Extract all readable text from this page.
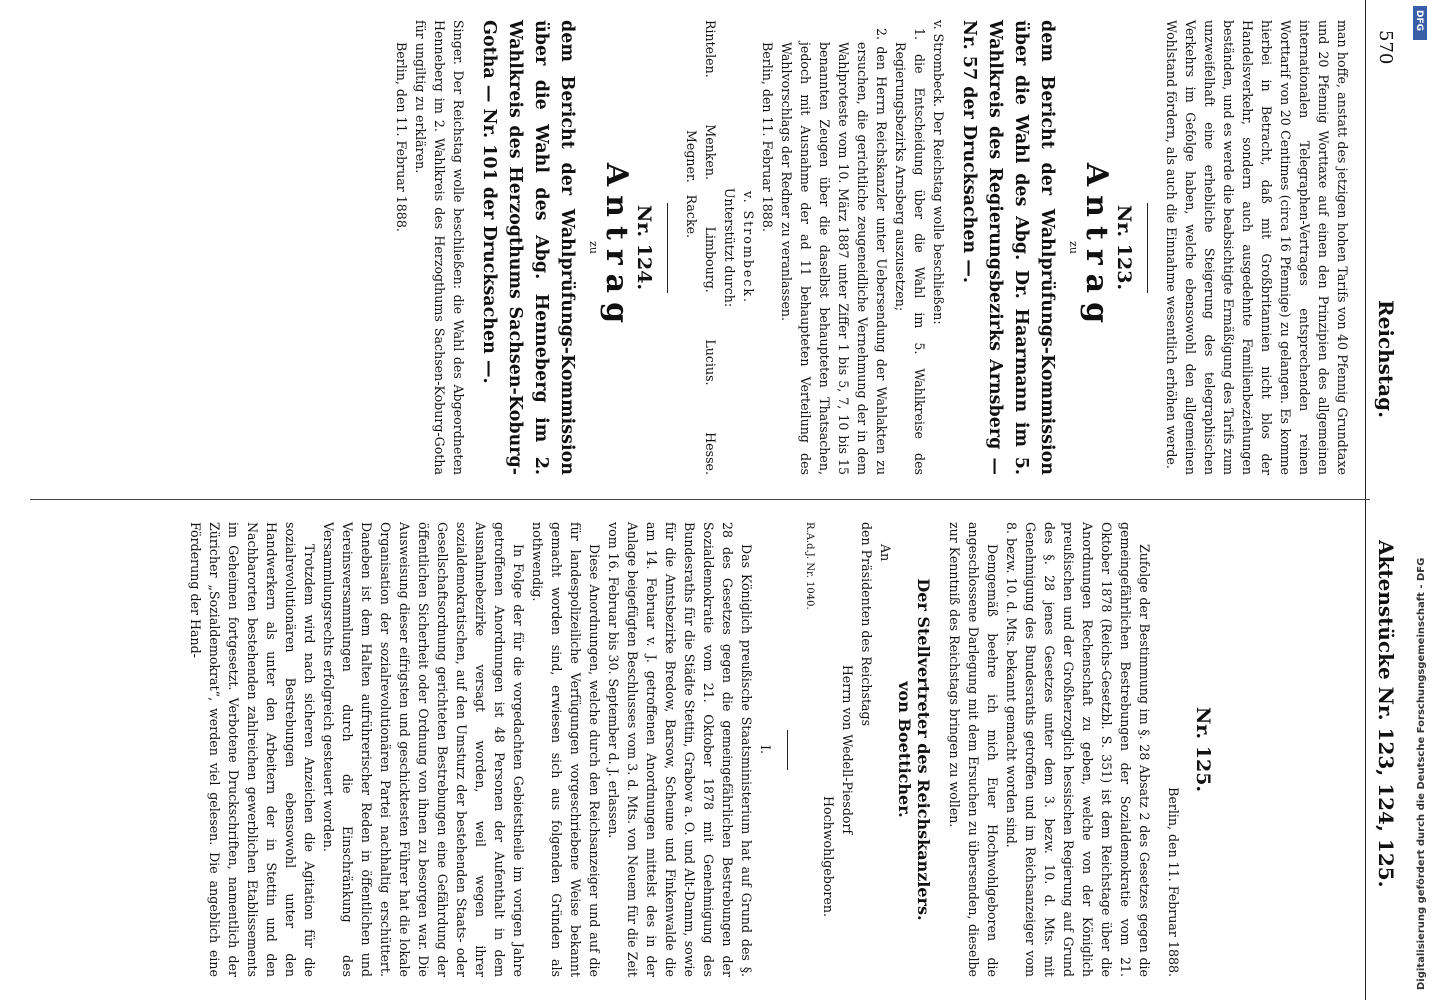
570
Reichstag.
Aktenstücke Nr. 123, 124, 125.

man hoffe, anstatt des jetzigen hohen Tarifs von 40 Pfennig Grundtaxe und 20 Pfennig Worttaxe auf einen den Prinzipien des allgemeinen internationalen Telegraphen-Vertrages entsprechenden reinen Worttarif von 20 Centimes (circa 16 Pfennige) zu gelangen. Es komme hierbei in Betracht, daß mit Großbritannien nicht blos der Handelsverkehr, sondern auch ausgedehnte Familienbeziehungen beständen, und es werde die beabsichtigte Ermäßigung des Tarifs zum unzweifelhaft eine erhebliche Steigerung des telegraphischen Verkehrs im Gefolge haben, welche ebensowohl den allgemeinen Wohlstand fördern, als auch die Einnahme wesentlich erhöhen werde.

Nr. 123.
Antrag
zu

dem Bericht der Wahlprüfungs-Kommission über die Wahl des Abg. Dr. Haarmann im 5. Wahlkreis des Regierungsbezirks Arnsberg — Nr. 57 der Drucksachen —.

v. Strombeck. Der Reichstag wolle beschließen:

1. die Entscheidung über die Wahl im 5. Wahlkreise des Regierungsbezirks Arnsberg auszusetzen;

2. den Herrn Reichskanzler unter Uebersendung der Wahlakten zu ersuchen, die gerichtliche zeugeneidliche Vernehmung der in dem Wahlproteste vom 10. März 1887 unter Ziffer 1 bis 5, 7, 10 bis 15 benannten Zeugen über die daselbst behaupteten Thatsachen, jedoch mit Ausnahme der ad 11 behaupteten Verteilung des Wahlvorschlags der Redner zu veranlassen.

Berlin, den 11. Februar 1888.

v. Strombeck.

Unterstützt durch:

Rintelen.
Menken.
Limbourg.
Lucius.
Hesse.
Megner.   Racke.
Nr. 124.
Antrag
zu

dem Bericht der Wahlprüfungs-Kommission über die Wahl des Abg. Henneberg im 2. Wahlkreis des Herzogthums Sachsen-Koburg-Gotha — Nr. 101 der Drucksachen —.

Singer. Der Reichstag wolle beschließen: die Wahl des Abgeordneten Henneberg im 2. Wahlkreis des Herzogthums Sachsen-Koburg-Gotha für ungiltig zu erklären.

Berlin, den 11. Februar 1888.

Nr. 125.

Berlin, den 11. Februar 1888.

Zufolge der Bestimmung im §. 28 Absatz 2 des Gesetzes gegen die gemeingefährlichen Bestrebungen der Sozialdemokratie vom 21. Oktober 1878 (Reichs-Gesetzbl. S. 351) ist dem Reichstage über die Anordnungen Rechenschaft zu geben, welche von der Königlich preußischen und der Großherzoglich hessischen Regierung auf Grund des §. 28 jenes Gesetzes unter dem 3. bezw. 10. d. Mts. mit Genehmigung des Bundesraths getroffen und im Reichsanzeiger vom 8. bezw. 10. d. Mts. bekannt gemacht worden sind.

Demgemäß beehre ich mich Euer Hochwohlgeboren die angeschlossene Darlegung mit dem Ersuchen zu übersenden, dieselbe zur Kenntniß des Reichstags bringen zu wollen.

Der Stellvertreter des Reichskanzlers.

von Boetticher.

An

den Präsidenten des Reichstags

Herrn von Wedell-Piesdorf

Hochwohlgeboren.

R.A.d.J. Nr. 1040.

I.

Das Königlich preußische Staatsministerium hat auf Grund des §. 28 des Gesetzes gegen die gemeingefährlichen Bestrebungen der Sozialdemokratie vom 21. Oktober 1878 mit Genehmigung des Bundesraths für die Städte Stettin, Grabow a. O. und Alt-Damm, sowie für die Amtsbezirke Bredow, Barsow, Scheune und Finkenwalde die am 14. Februar v. J. getroffenen Anordnungen mittelst des in der Anlage beigefügten Beschlusses vom 3. d. Mts. von Neuem für die Zeit vom 16. Februar bis 30. September d. J. erlassen.

Diese Anordnungen, welche durch den Reichsanzeiger und auf die für landespolizeiliche Verfügungen vorgeschriebene Weise bekannt gemacht worden sind, erwiesen sich aus folgenden Gründen als nothwendig.

In Folge der für die vorgedachten Gebietstheile im vorigen Jahre getroffenen Anordnungen ist 48 Personen der Aufenthalt in dem Ausnahmebezirke versagt worden, weil wegen ihrer sozialdemokratischen, auf den Umsturz der bestehenden Staats- oder Gesellschaftsordnung gerichteten Bestrebungen eine Gefährdung der öffentlichen Sicherheit oder Ordnung von ihnen zu besorgen war. Die Ausweisung dieser eifrigsten und geschicktesten Führer hat die lokale Organisation der sozialrevolutionären Partei nachhaltig erschüttert. Daneben ist dem Halten aufrührerischer Reden in öffentlichen und Vereinsversammlungen durch die Einschränkung des Versammlungsrechts erfolgreich gesteuert worden.

Trotzdem wird nach sicheren Anzeichen die Agitation für die sozialrevolutionären Bestrebungen ebensowohl unter den Handwerkern als unter den Arbeitern der in Stettin und den Nachbarorten bestehenden zahlreichen gewerblichen Etablissements im Geheimen fortgesetzt. Verbotene Druckschriften, namentlich der Züricher „Sozialdemokrat“, werden viel gelesen. Die angeblich eine Förderung der Hand-

DFG
Digitalisierung gefördert durch die Deutsche Forschungsgemeinschaft - DFG
